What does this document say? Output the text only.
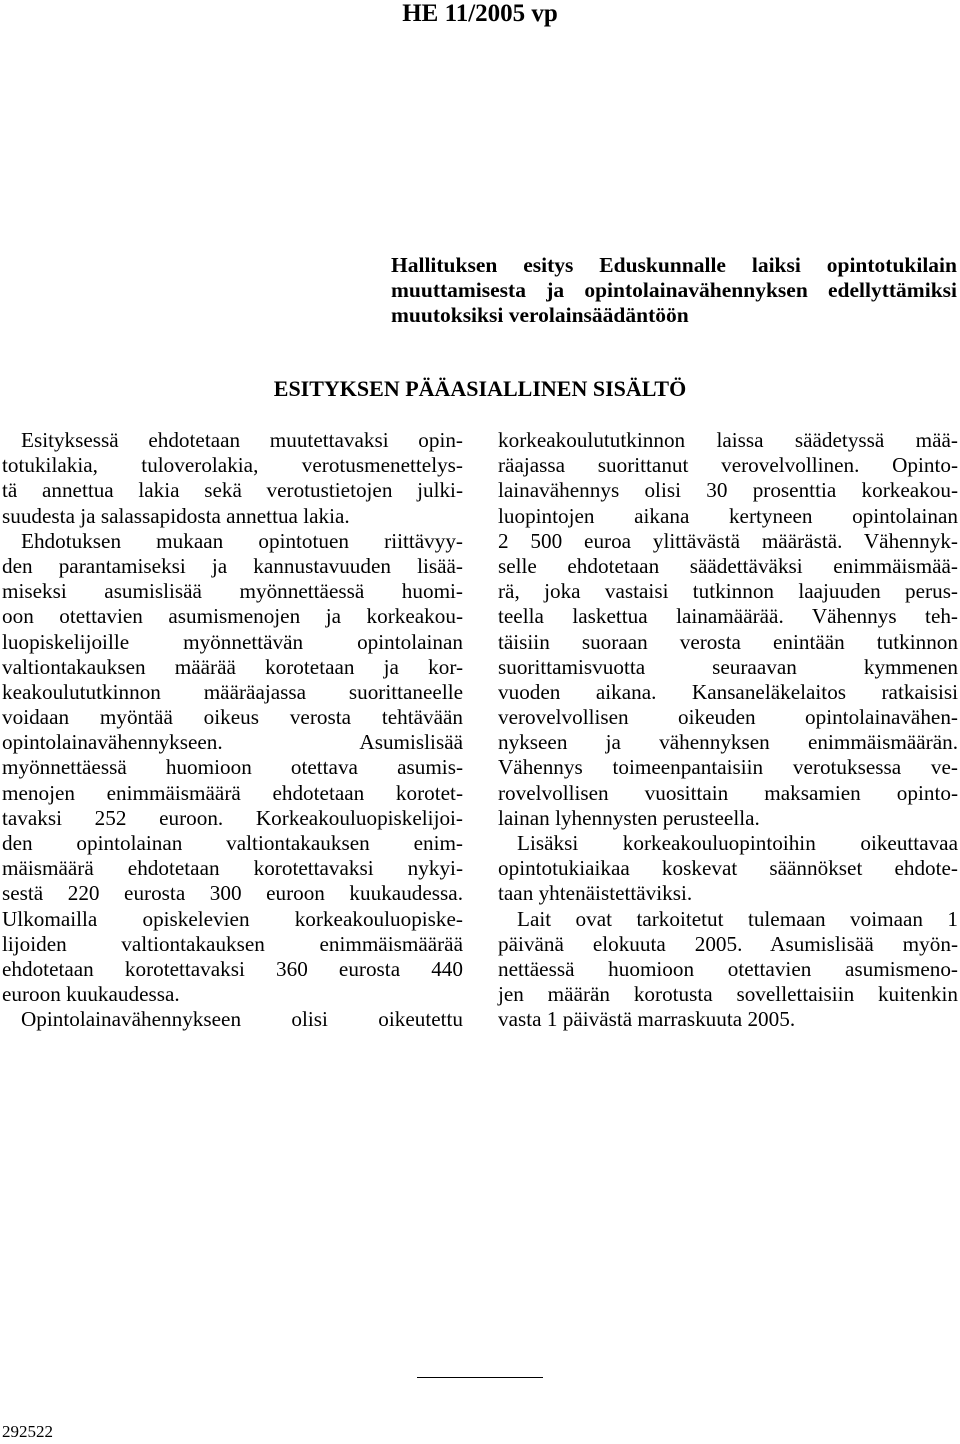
HE 11/2005 vp
Hallituksen esitys Eduskunnalle laiksi opintotukilain
muuttamisesta ja opintolainavähennyksen edellyttämiksi
muutoksiksi verolainsäädäntöön
ESITYKSEN PÄÄASIALLINEN SISÄLTÖ
Esityksessä ehdotetaan muutettavaksi opin-
totukilakia, tuloverolakia, verotusmenettelys-
tä annettua lakia sekä verotustietojen julki-
suudesta ja salassapidosta annettua lakia.
Ehdotuksen mukaan opintotuen riittävyy-
den parantamiseksi ja kannustavuuden lisää-
miseksi asumislisää myönnettäessä huomi-
oon otettavien asumismenojen ja korkeakou-
luopiskelijoille myönnettävän opintolainan
valtiontakauksen määrää korotetaan ja kor-
keakoulututkinnon määräajassa suorittaneelle
voidaan myöntää oikeus verosta tehtävään
opintolainavähennykseen. Asumislisää
myönnettäessä huomioon otettava asumis-
menojen enimmäismäärä ehdotetaan korotet-
tavaksi 252 euroon. Korkeakouluopiskelijoi-
den opintolainan valtiontakauksen enim-
mäismäärä ehdotetaan korotettavaksi nykyi-
sestä 220 eurosta 300 euroon kuukaudessa.
Ulkomailla opiskelevien korkeakouluopiske-
lijoiden valtiontakauksen enimmäismäärää
ehdotetaan korotettavaksi 360 eurosta 440
euroon kuukaudessa.
Opintolainavähennykseen olisi oikeutettu
korkeakoulututkinnon laissa säädetyssä mää-
räajassa suorittanut verovelvollinen. Opinto-
lainavähennys olisi 30 prosenttia korkeakou-
luopintojen aikana kertyneen opintolainan
2 500 euroa ylittävästä määrästä. Vähennyk-
selle ehdotetaan säädettäväksi enimmäismää-
rä, joka vastaisi tutkinnon laajuuden perus-
teella laskettua lainamäärää. Vähennys teh-
täisiin suoraan verosta enintään tutkinnon
suorittamisvuotta seuraavan kymmenen
vuoden aikana. Kansaneläkelaitos ratkaisisi
verovelvollisen oikeuden opintolainavähen-
nykseen ja vähennyksen enimmäismäärän.
Vähennys toimeenpantaisiin verotuksessa ve-
rovelvollisen vuosittain maksamien opinto-
lainan lyhennysten perusteella.
Lisäksi korkeakouluopintoihin oikeuttavaa
opintotukiaikaa koskevat säännökset ehdote-
taan yhtenäistettäviksi.
Lait ovat tarkoitetut tulemaan voimaan 1
päivänä elokuuta 2005. Asumislisää myön-
nettäessä huomioon otettavien asumismeno-
jen määrän korotusta sovellettaisiin kuitenkin
vasta 1 päivästä marraskuuta 2005.
292522
